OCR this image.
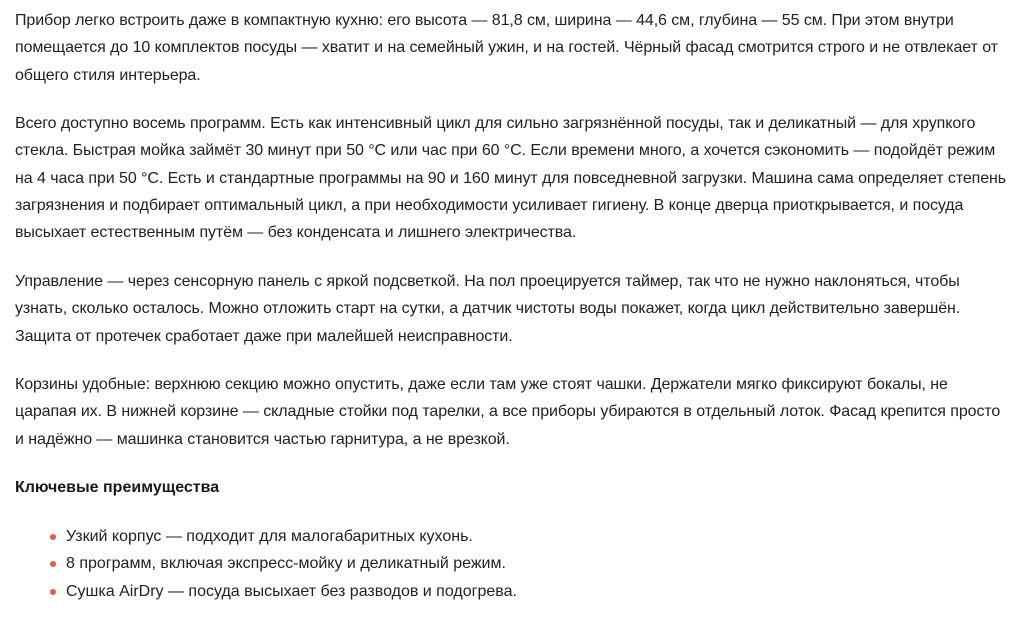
Прибор легко встроить даже в компактную кухню: его высота — 81,8 см, ширина — 44,6 см, глубина — 55 см. При этом внутри помещается до 10 комплектов посуды — хватит и на семейный ужин, и на гостей. Чёрный фасад смотрится строго и не отвлекает от общего стиля интерьера.

Всего доступно восемь программ. Есть как интенсивный цикл для сильно загрязнённой посуды, так и деликатный — для хрупкого стекла. Быстрая мойка займёт 30 минут при 50 °C или час при 60 °C. Если времени много, а хочется сэкономить — подойдёт режим на 4 часа при 50 °C. Есть и стандартные программы на 90 и 160 минут для повседневной загрузки. Машина сама определяет степень загрязнения и подбирает оптимальный цикл, а при необходимости усиливает гигиену. В конце дверца приоткрывается, и посуда высыхает естественным путём — без конденсата и лишнего электричества.

Управление — через сенсорную панель с яркой подсветкой. На пол проецируется таймер, так что не нужно наклоняться, чтобы узнать, сколько осталось. Можно отложить старт на сутки, а датчик чистоты воды покажет, когда цикл действительно завершён. Защита от протечек сработает даже при малейшей неисправности.

Корзины удобные: верхнюю секцию можно опустить, даже если там уже стоят чашки. Держатели мягко фиксируют бокалы, не царапая их. В нижней корзине — складные стойки под тарелки, а все приборы убираются в отдельный лоток. Фасад крепится просто и надёжно — машинка становится частью гарнитура, а не врезкой.

Ключевые преимущества
Узкий корпус — подходит для малогабаритных кухонь.
8 программ, включая экспресс-мойку и деликатный режим.
Сушка AirDry — посуда высыхает без разводов и подогрева.
